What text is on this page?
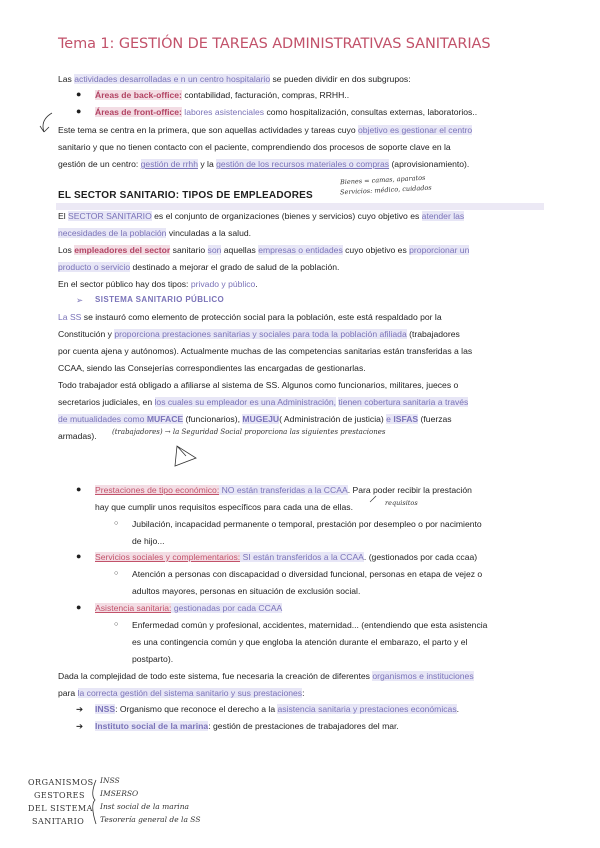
Tema 1: GESTIÓN DE TAREAS ADMINISTRATIVAS SANITARIAS
Las actividades desarrolladas e n un centro hospitalario se pueden dividir en dos subgrupos:
● Áreas de back-office: contabilidad, facturación, compras, RRHH..
● Áreas de front-office: labores asistenciales como hospitalización, consultas externas, laboratorios..
Este tema se centra en la primera, que son aquellas actividades y tareas cuyo objetivo es gestionar el centro
sanitario y que no tienen contacto con el paciente, comprendiendo dos procesos de soporte clave en la
gestión de un centro: gestión de rrhh y la gestión de los recursos materiales o compras (aprovisionamiento).
EL SECTOR SANITARIO: TIPOS DE EMPLEADORES
Bienes = camas, aparatos
Servicios: médico, cuidados
El SECTOR SANITARIO es el conjunto de organizaciones (bienes y servicios) cuyo objetivo es atender las
necesidades de la población vinculadas a la salud.
Los empleadores del sector sanitario son aquellas empresas o entidades cuyo objetivo es proporcionar un
producto o servicio destinado a mejorar el grado de salud de la población.
En el sector público hay dos tipos: privado y público.
➢ SISTEMA SANITARIO PÚBLICO
La SS se instauró como elemento de protección social para la población, este está respaldado por la
Constitución y proporciona prestaciones sanitarias y sociales para toda la población afiliada (trabajadores
por cuenta ajena y autónomos). Actualmente muchas de las competencias sanitarias están transferidas a las
CCAA, siendo las Consejerías correspondientes las encargadas de gestionarlas.
Todo trabajador está obligado a afiliarse al sistema de SS. Algunos como funcionarios, militares, jueces o
secretarios judiciales, en los cuales su empleador es una Administración, tienen cobertura sanitaria a través
de mutualidades como MUFACE (funcionarios), MUGEJU( Administración de justicia) e ISFAS (fuerzas
armadas). (trabajadores) → la Seguridad Social proporciona las siguientes prestaciones
● Prestaciones de tipo económico: NO están transferidas a la CCAA. Para poder recibir la prestación
hay que cumplir unos requisitos específicos para cada una de ellas.	requisitos
○ Jubilación, incapacidad permanente o temporal, prestación por desempleo o por nacimiento
de hijo...
● Servicios sociales y complementarios: SI están transferidos a la CCAA. (gestionados por cada ccaa)
○ Atención a personas con discapacidad o diversidad funcional, personas en etapa de vejez o
adultos mayores, personas en situación de exclusión social.
● Asistencia sanitaria: gestionadas por cada CCAA
○ Enfermedad común y profesional, accidentes, maternidad... (entendiendo que esta asistencia
es una contingencia común y que engloba la atención durante el embarazo, el parto y el
postparto).
Dada la complejidad de todo este sistema, fue necesaria la creación de diferentes organismos e instituciones
para la correcta gestión del sistema sanitario y sus prestaciones:
➔ INSS: Organismo que reconoce el derecho a la asistencia sanitaria y prestaciones económicas.
➔ Instituto social de la marina: gestión de prestaciones de trabajadores del mar.
ORGANISMOS
GESTORES
DEL SISTEMA
SANITARIO
INSS
IMSERSO
Inst social de la marina
Tesorería general de la SS
